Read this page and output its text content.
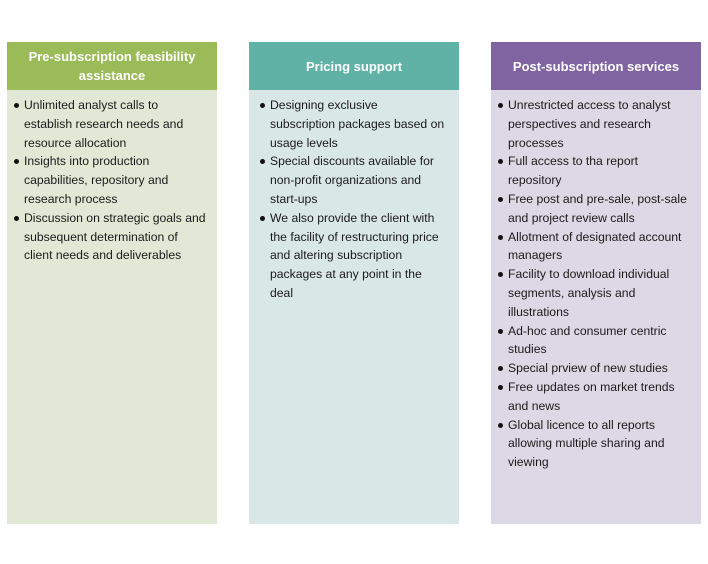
Pre-subscription feasibility assistance
Unlimited analyst calls to establish research needs and resource allocation
Insights into production capabilities, repository and research process
Discussion on strategic goals and subsequent determination of client needs and deliverables
Pricing support
Designing exclusive subscription packages based on usage levels
Special discounts available for non-profit organizations and start-ups
We also provide the client with the facility of restructuring price and altering subscription packages at any point in the deal
Post-subscription services
Unrestricted access to analyst perspectives and research processes
Full access to tha report repository
Free post and pre-sale, post-sale and project review calls
Allotment of designated account managers
Facility to download individual segments, analysis and illustrations
Ad-hoc and consumer centric studies
Special prview of new studies
Free updates on market trends and news
Global licence to all reports allowing multiple sharing and viewing
